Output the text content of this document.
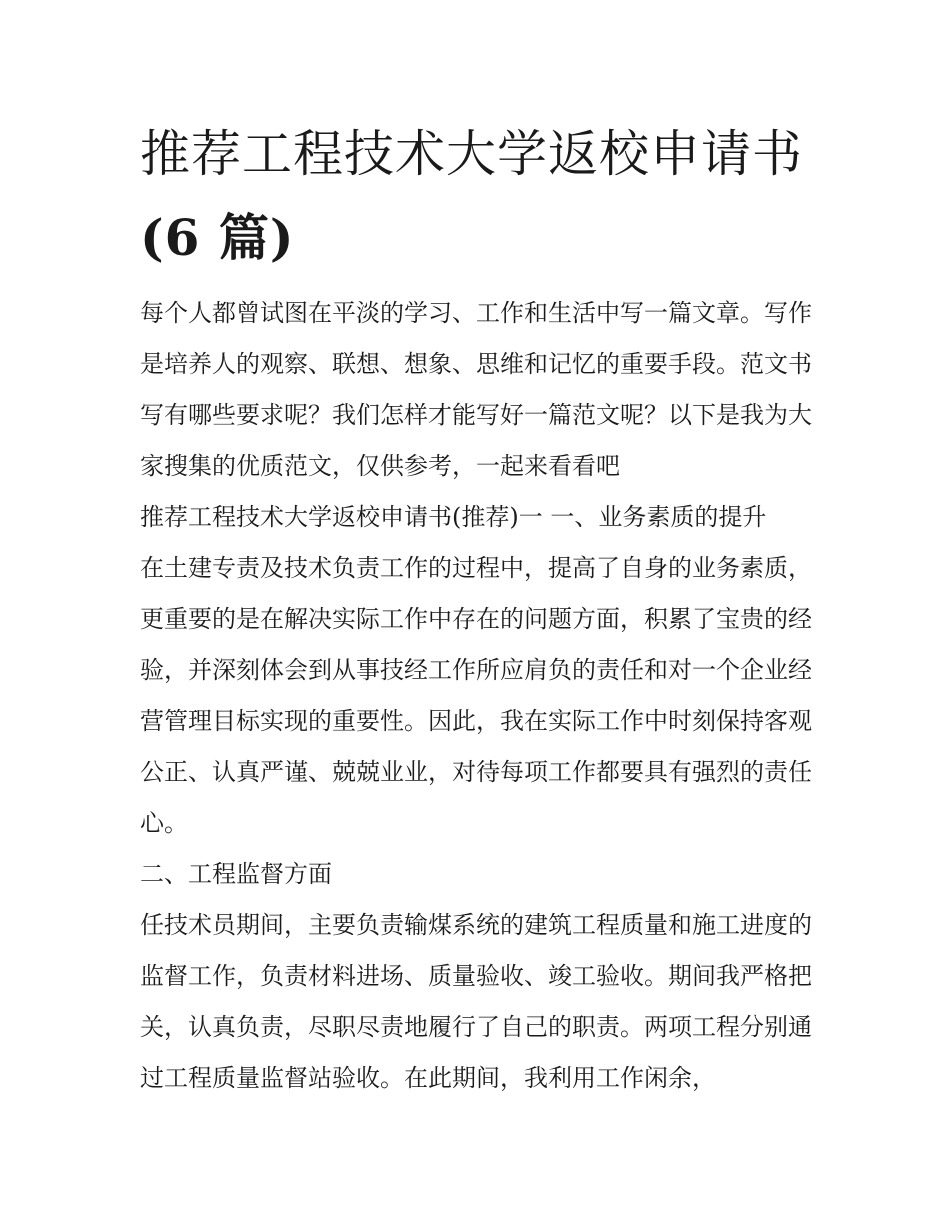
推荐工程技术大学返校申请书
(6 篇)

每个人都曾试图在平淡的学习、工作和生活中写一篇文章。写作是培养人的观察、联想、想象、思维和记忆的重要手段。范文书写有哪些要求呢？我们怎样才能写好一篇范文呢？以下是我为大家搜集的优质范文，仅供参考，一起来看看吧

推荐工程技术大学返校申请书(推荐)一 一、业务素质的提升

在土建专责及技术负责工作的过程中，提高了自身的业务素质，更重要的是在解决实际工作中存在的问题方面，积累了宝贵的经验，并深刻体会到从事技经工作所应肩负的责任和对一个企业经营管理目标实现的重要性。因此，我在实际工作中时刻保持客观公正、认真严谨、兢兢业业，对待每项工作都要具有强烈的责任心。

二、工程监督方面

任技术员期间，主要负责输煤系统的建筑工程质量和施工进度的监督工作，负责材料进场、质量验收、竣工验收。期间我严格把关，认真负责，尽职尽责地履行了自己的职责。两项工程分别通过工程质量监督站验收。在此期间，我利用工作闲余，
